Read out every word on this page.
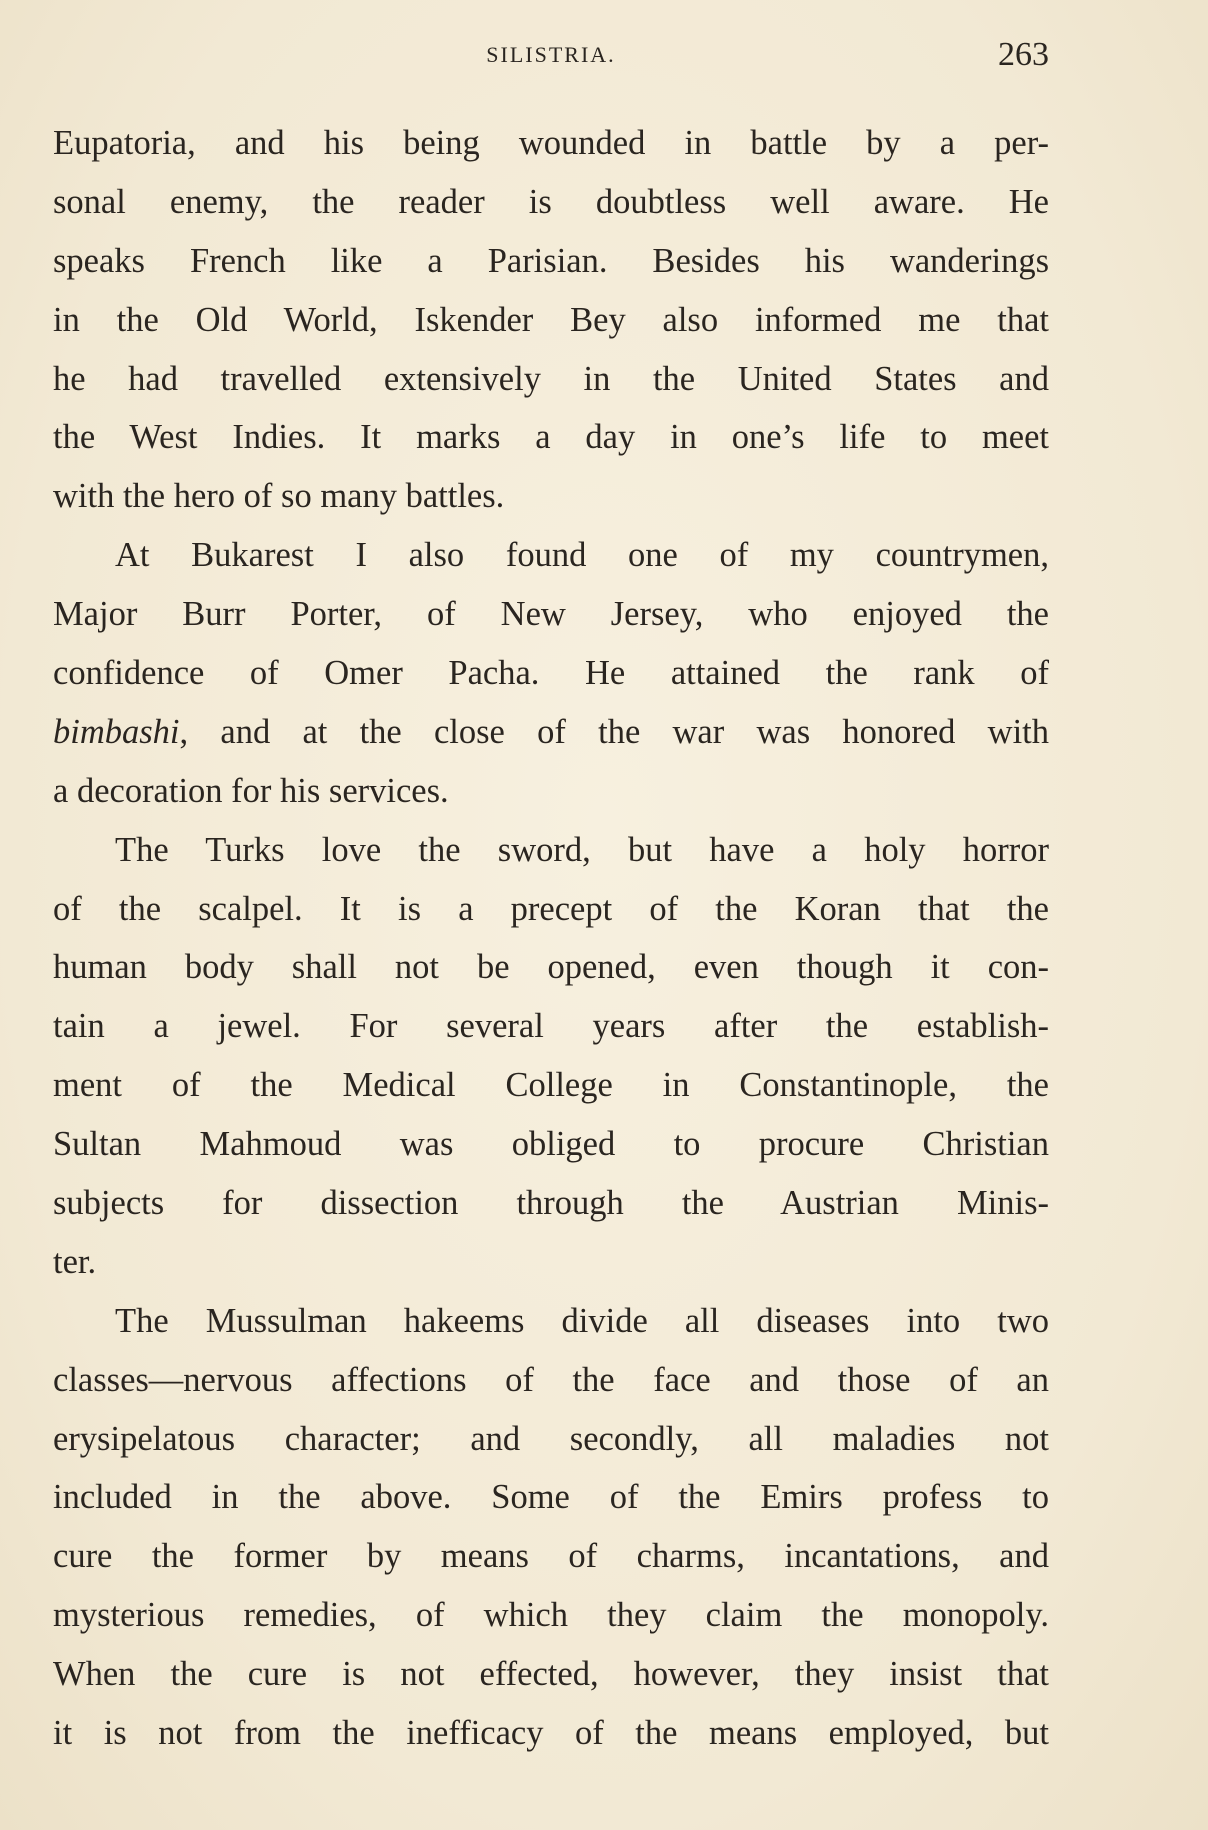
SILISTRIA.	263
Eupatoria, and his being wounded in battle by a per-
sonal enemy, the reader is doubtless well aware. He
speaks French like a Parisian. Besides his wanderings
in the Old World, Iskender Bey also informed me that
he had travelled extensively in the United States and
the West Indies. It marks a day in one’s life to meet
with the hero of so many battles.
At Bukarest I also found one of my countrymen,
Major Burr Porter, of New Jersey, who enjoyed the
confidence of Omer Pacha. He attained the rank of
bimbashi, and at the close of the war was honored with
a decoration for his services.
The Turks love the sword, but have a holy horror
of the scalpel. It is a precept of the Koran that the
human body shall not be opened, even though it con-
tain a jewel. For several years after the establish-
ment of the Medical College in Constantinople, the
Sultan Mahmoud was obliged to procure Christian
subjects for dissection through the Austrian Minis-
ter.
The Mussulman hakeems divide all diseases into two
classes—nervous affections of the face and those of an
erysipelatous character; and secondly, all maladies not
included in the above. Some of the Emirs profess to
cure the former by means of charms, incantations, and
mysterious remedies, of which they claim the monopoly.
When the cure is not effected, however, they insist that
it is not from the inefficacy of the means employed, but
